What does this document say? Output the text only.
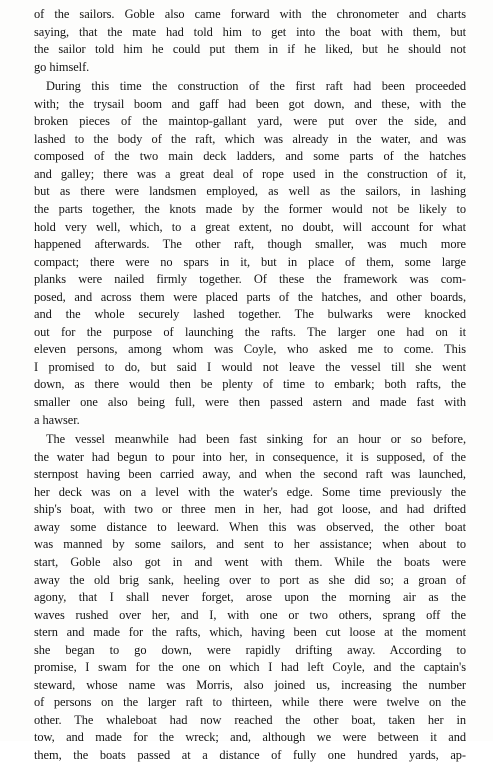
of the sailors. Goble also came forward with the chronometer and charts
saying, that the mate had told him to get into the boat with them, but
the sailor told him he could put them in if he liked, but he should not
go himself.
During this time the construction of the first raft had been proceeded
with; the trysail boom and gaff had been got down, and these, with the
broken pieces of the maintop-gallant yard, were put over the side, and
lashed to the body of the raft, which was already in the water, and was
composed of the two main deck ladders, and some parts of the hatches
and galley; there was a great deal of rope used in the construction of it,
but as there were landsmen employed, as well as the sailors, in lashing
the parts together, the knots made by the former would not be likely to
hold very well, which, to a great extent, no doubt, will account for what
happened afterwards. The other raft, though smaller, was much more
compact; there were no spars in it, but in place of them, some large
planks were nailed firmly together. Of these the framework was com-
posed, and across them were placed parts of the hatches, and other boards,
and the whole securely lashed together. The bulwarks were knocked
out for the purpose of launching the rafts. The larger one had on it
eleven persons, among whom was Coyle, who asked me to come. This
I promised to do, but said I would not leave the vessel till she went
down, as there would then be plenty of time to embark; both rafts, the
smaller one also being full, were then passed astern and made fast with
a hawser.
The vessel meanwhile had been fast sinking for an hour or so before,
the water had begun to pour into her, in consequence, it is supposed, of the
sternpost having been carried away, and when the second raft was launched,
her deck was on a level with the water's edge. Some time previously the
ship's boat, with two or three men in her, had got loose, and had drifted
away some distance to leeward. When this was observed, the other boat
was manned by some sailors, and sent to her assistance; when about to
start, Goble also got in and went with them. While the boats were
away the old brig sank, heeling over to port as she did so; a groan of
agony, that I shall never forget, arose upon the morning air as the
waves rushed over her, and I, with one or two others, sprang off the
stern and made for the rafts, which, having been cut loose at the moment
she began to go down, were rapidly drifting away. According to
promise, I swam for the one on which I had left Coyle, and the captain's
steward, whose name was Morris, also joined us, increasing the number
of persons on the larger raft to thirteen, while there were twelve on the
other. The whaleboat had now reached the other boat, taken her in
tow, and made for the wreck; and, although we were between it and
them, the boats passed at a distance of fully one hundred yards, ap-
